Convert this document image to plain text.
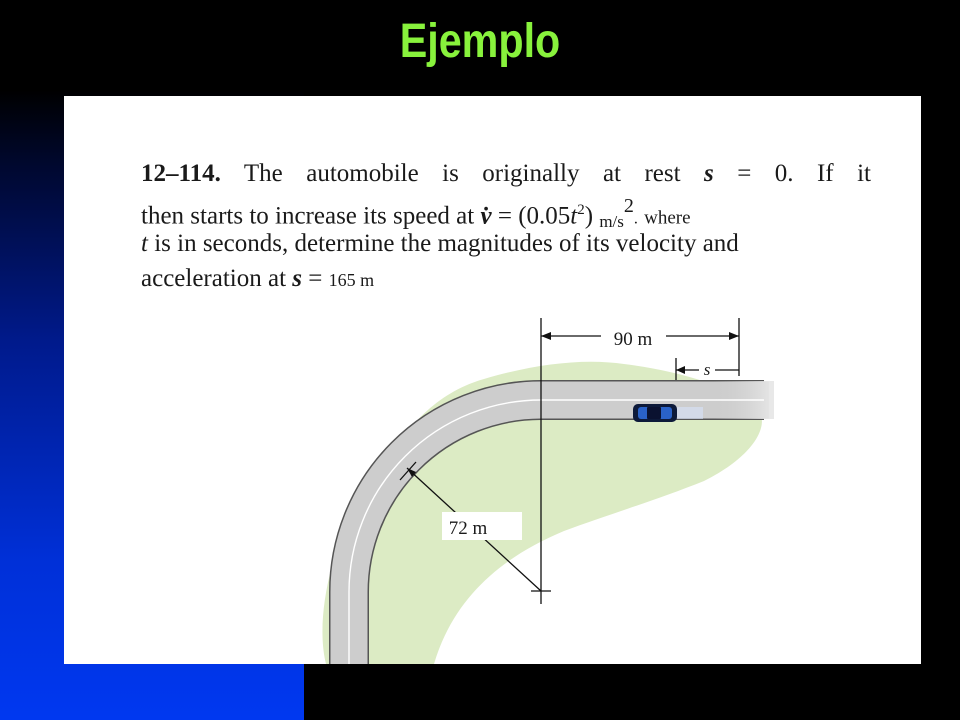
Ejemplo
12–114. The automobile is originally at rest s = 0. If it
then starts to increase its speed at v̇ = $(0.05t^2)$ $m/s^2$. where
t is in seconds, determine the magnitudes of its velocity and
acceleration at s = 165 m
90 m
s
72 m
